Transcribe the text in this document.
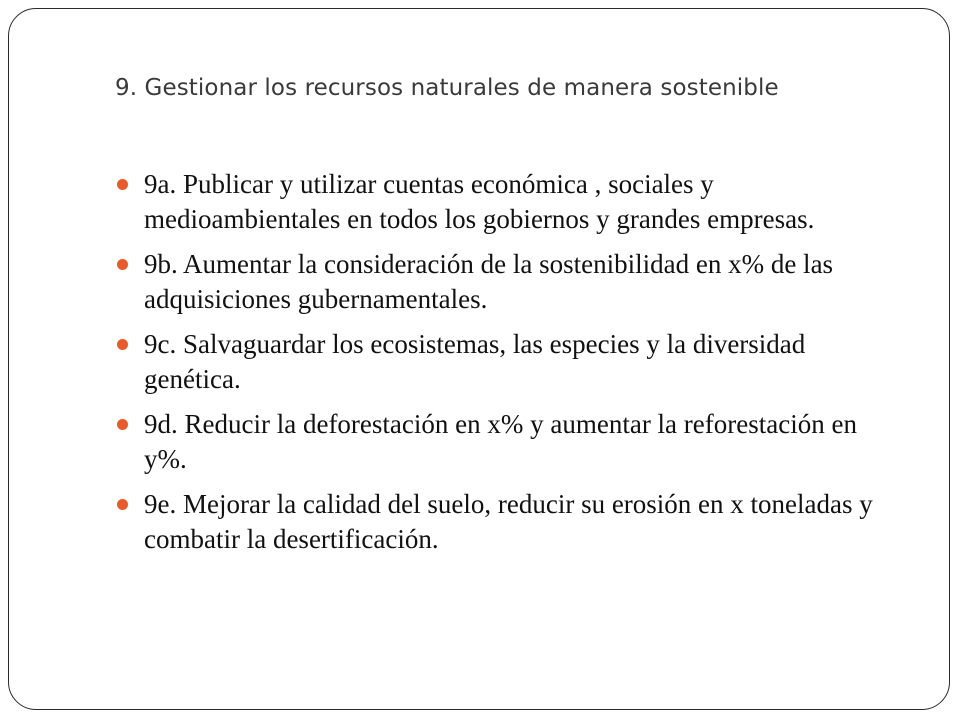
9. Gestionar los recursos naturales de manera sostenible
9a. Publicar y utilizar cuentas económica , sociales y medioambientales en todos los gobiernos y grandes empresas.
9b. Aumentar la consideración de la sostenibilidad en x% de las adquisiciones gubernamentales.
9c. Salvaguardar los ecosistemas, las especies y la diversidad genética.
9d. Reducir la deforestación en x% y aumentar la reforestación en y%.
9e. Mejorar la calidad del suelo, reducir su erosión en x toneladas y combatir la desertificación.
